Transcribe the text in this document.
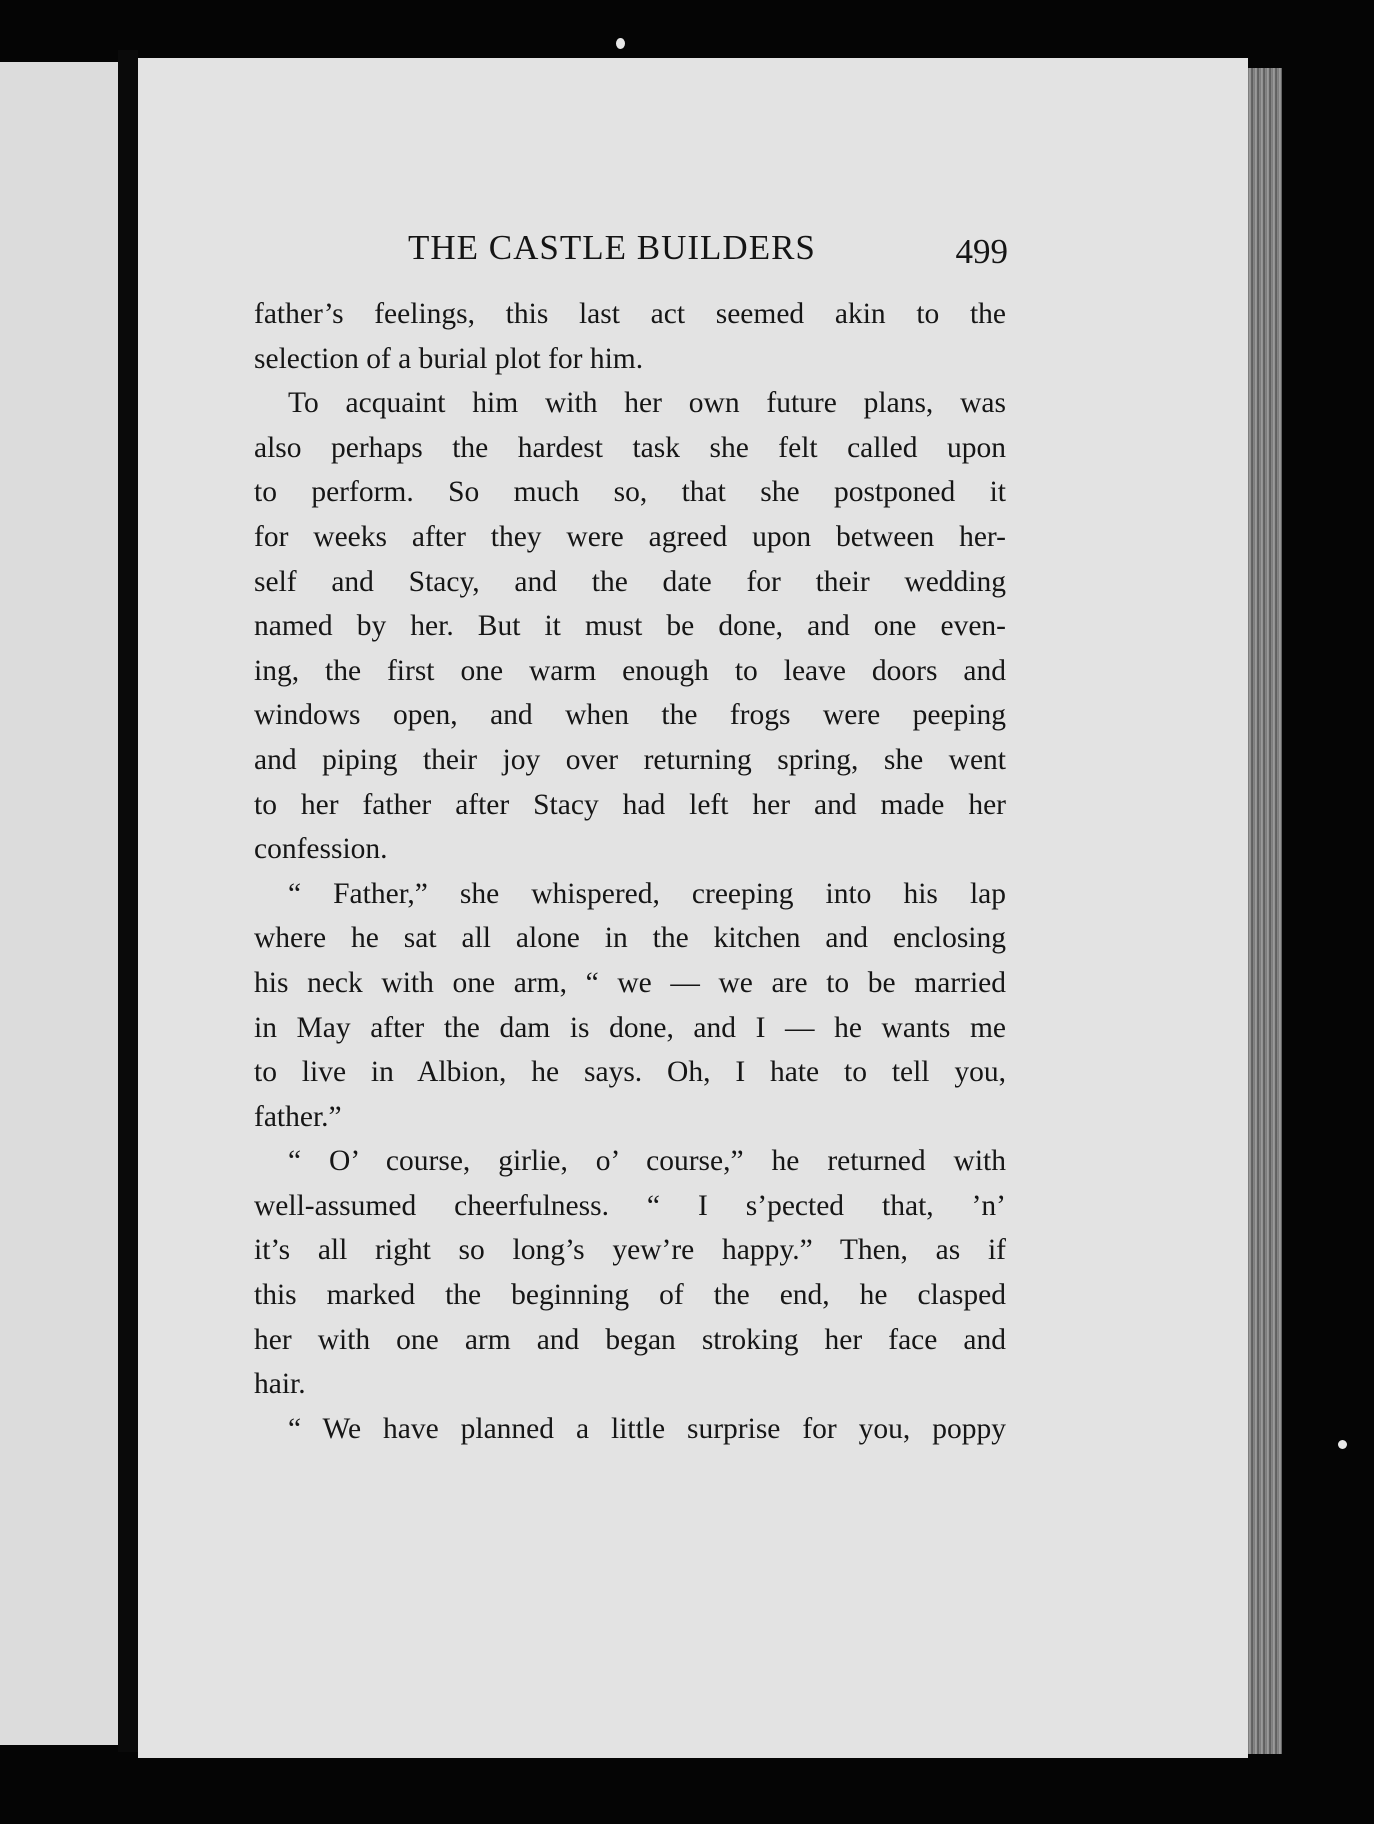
THE CASTLE BUILDERS	499
father’s feelings, this last act seemed akin to the
selection of a burial plot for him.
To acquaint him with her own future plans, was
also perhaps the hardest task she felt called upon
to perform. So much so, that she postponed it
for weeks after they were agreed upon between her-
self and Stacy, and the date for their wedding
named by her. But it must be done, and one even-
ing, the first one warm enough to leave doors and
windows open, and when the frogs were peeping
and piping their joy over returning spring, she went
to her father after Stacy had left her and made her
confession.
“ Father,” she whispered, creeping into his lap
where he sat all alone in the kitchen and enclosing
his neck with one arm, “ we — we are to be married
in May after the dam is done, and I — he wants me
to live in Albion, he says. Oh, I hate to tell you,
father.”
“ O’ course, girlie, o’ course,” he returned with
well-assumed cheerfulness. “ I s’pected that, ’n’
it’s all right so long’s yew’re happy.” Then, as if
this marked the beginning of the end, he clasped
her with one arm and began stroking her face and
hair.
“ We have planned a little surprise for you, poppy
